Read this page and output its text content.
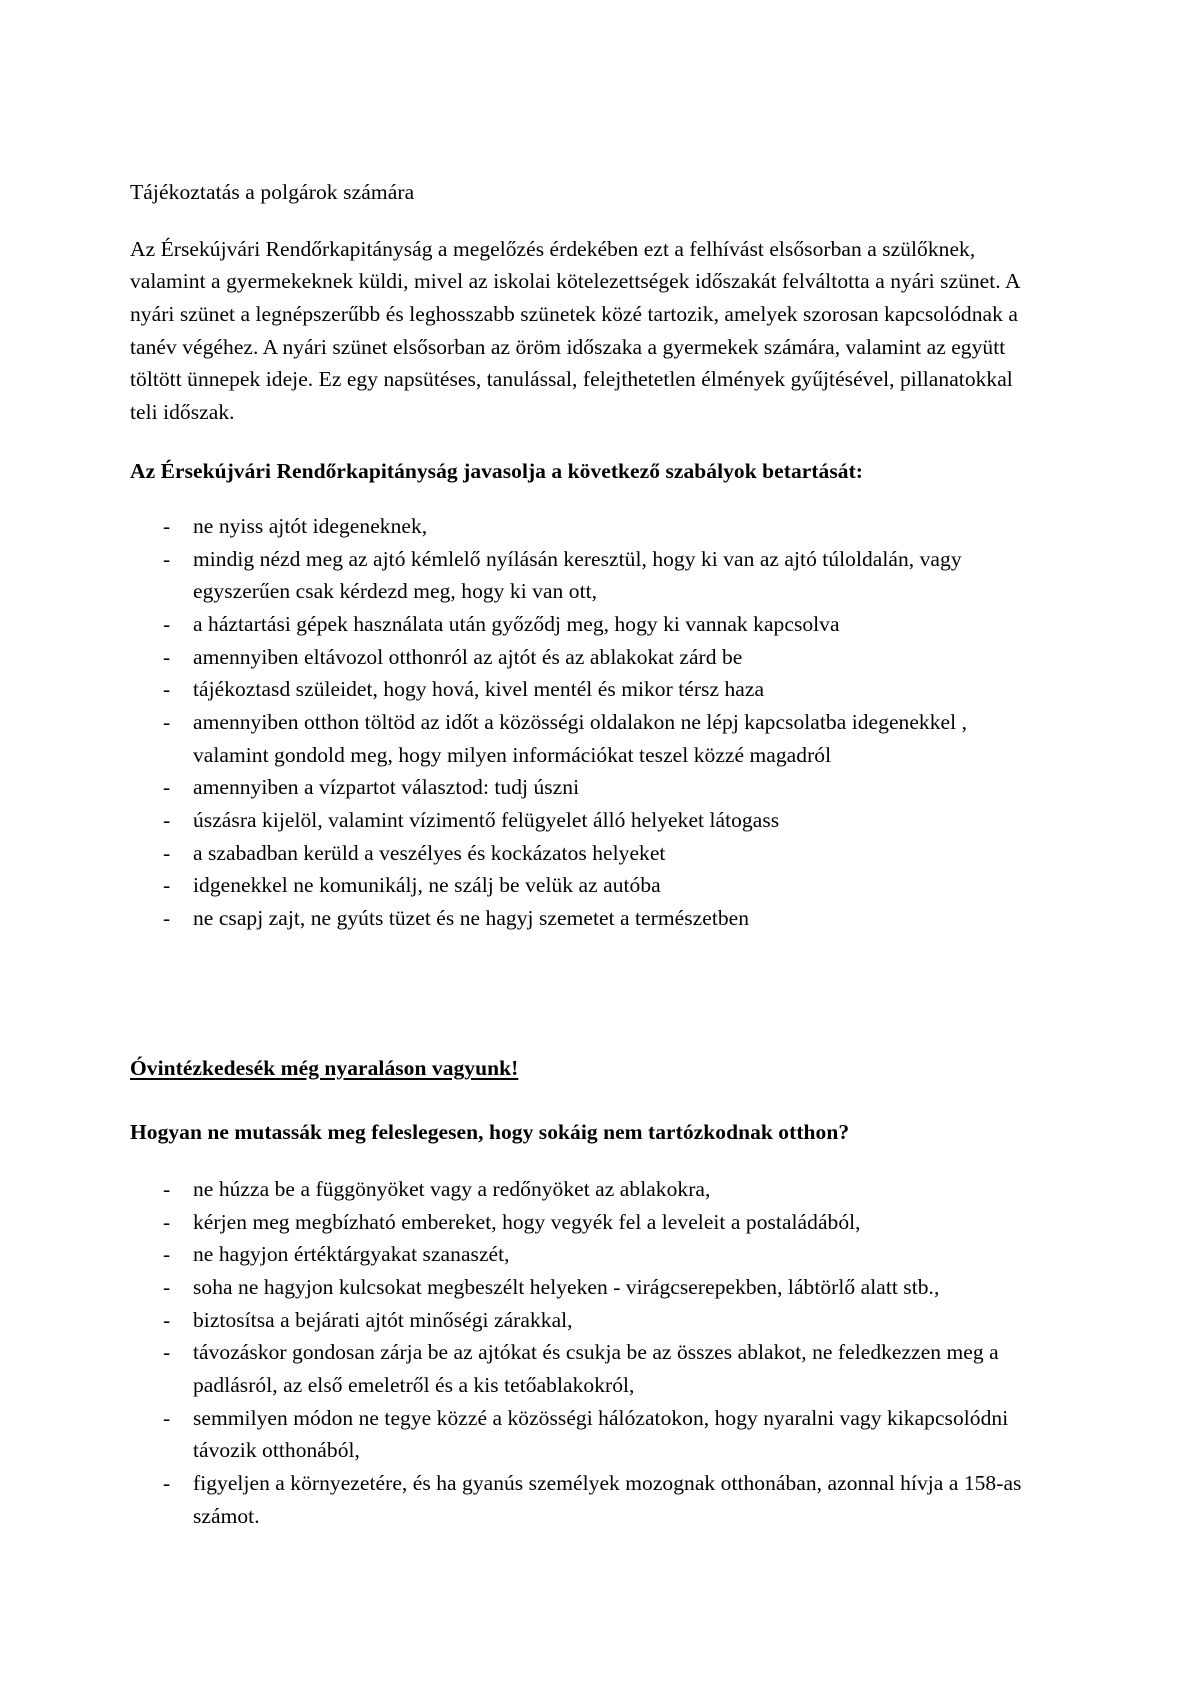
Tájékoztatás a polgárok számára

Az Érsekújvári Rendőrkapitányság a megelőzés érdekében ezt a felhívást elsősorban a szülőknek, valamint a gyermekeknek küldi, mivel az iskolai kötelezettségek időszakát felváltotta a nyári szünet. A nyári szünet a legnépszerűbb és leghosszabb szünetek közé tartozik, amelyek szorosan kapcsolódnak a tanév végéhez. A nyári szünet elsősorban az öröm időszaka a gyermekek számára, valamint az együtt töltött ünnepek ideje. Ez egy napsütéses, tanulással, felejthetetlen élmények gyűjtésével, pillanatokkal teli időszak.

Az Érsekújvári Rendőrkapitányság javasolja a következő szabályok betartását:

- ne nyiss ajtót idegeneknek,
- mindig nézd meg az ajtó kémlelő nyílásán keresztül, hogy ki van az ajtó túloldalán, vagy egyszerűen csak kérdezd meg, hogy ki van ott,
- a háztartási gépek használata után győződj meg, hogy ki vannak kapcsolva
- amennyiben eltávozol otthonról az ajtót és az ablakokat zárd be
- tájékoztasd szüleidet, hogy hová, kivel mentél és mikor térsz haza
- amennyiben otthon töltöd az időt a közösségi oldalakon ne lépj kapcsolatba idegenekkel , valamint gondold meg, hogy milyen információkat teszel közzé magadról
- amennyiben a vízpartot választod: tudj úszni
- úszásra kijelöl, valamint vízimentő felügyelet álló helyeket látogass
- a szabadban kerüld a veszélyes és kockázatos helyeket
- idgenekkel ne komunikálj, ne szálj be velük az autóba
- ne csapj zajt, ne gyúts tüzet és ne hagyj szemetet a természetben

Óvintézkedesék még nyaraláson vagyunk!

Hogyan ne mutassák meg feleslegesen, hogy sokáig nem tartózkodnak otthon?

- ne húzza be a függönyöket vagy a redőnyöket az ablakokra,
- kérjen meg megbízható embereket, hogy vegyék fel a leveleit a postaládából,
- ne hagyjon értéktárgyakat szanaszét,
- soha ne hagyjon kulcsokat megbeszélt helyeken - virágcserepekben, lábtörlő alatt stb.,
- biztosítsa a bejárati ajtót minőségi zárakkal,
- távozáskor gondosan zárja be az ajtókat és csukja be az összes ablakot, ne feledkezzen meg a padlásról, az első emeletről és a kis tetőablakokról,
- semmilyen módon ne tegye közzé a közösségi hálózatokon, hogy nyaralni vagy kikapcsolódni távozik otthonából,
- figyeljen a környezetére, és ha gyanús személyek mozognak otthonában, azonnal hívja a 158-as számot.
